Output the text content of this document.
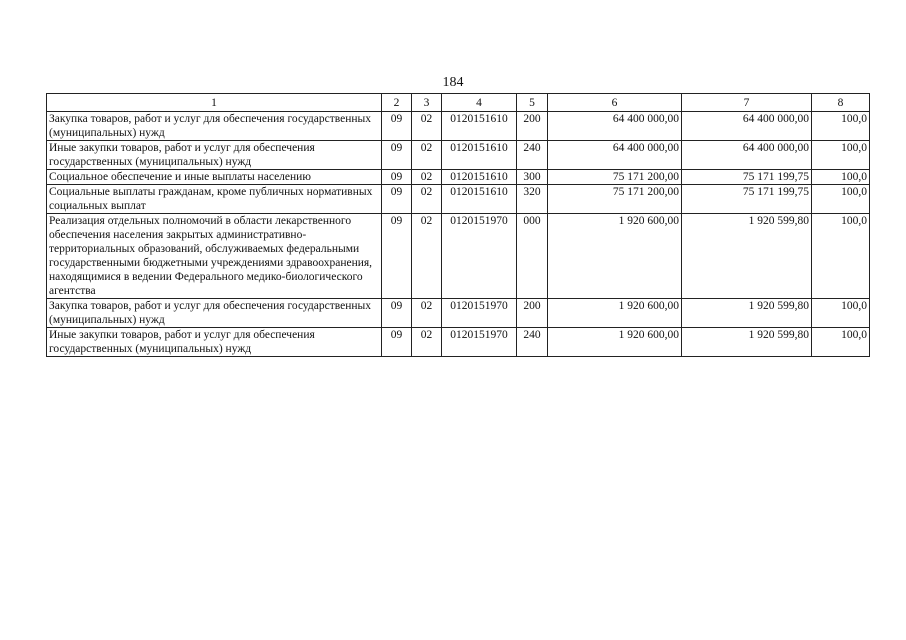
184
1	2	3	4	5	6	7	8
Закупка товаров, работ и услуг для обеспечения государственных (муниципальных) нужд	09	02	0120151610	200	64 400 000,00	64 400 000,00	100,0
Иные закупки товаров, работ и услуг для обеспечения государственных (муниципальных) нужд	09	02	0120151610	240	64 400 000,00	64 400 000,00	100,0
Социальное обеспечение и иные выплаты населению	09	02	0120151610	300	75 171 200,00	75 171 199,75	100,0
Социальные выплаты гражданам, кроме публичных нормативных социальных выплат	09	02	0120151610	320	75 171 200,00	75 171 199,75	100,0
Реализация отдельных полномочий в области лекарственного обеспечения населения закрытых административно-территориальных образований, обслуживаемых федеральными государственными бюджетными учреждениями здравоохранения, находящимися в ведении Федерального медико-биологического агентства	09	02	0120151970	000	1 920 600,00	1 920 599,80	100,0
Закупка товаров, работ и услуг для обеспечения государственных (муниципальных) нужд	09	02	0120151970	200	1 920 600,00	1 920 599,80	100,0
Иные закупки товаров, работ и услуг для обеспечения государственных (муниципальных) нужд	09	02	0120151970	240	1 920 600,00	1 920 599,80	100,0
